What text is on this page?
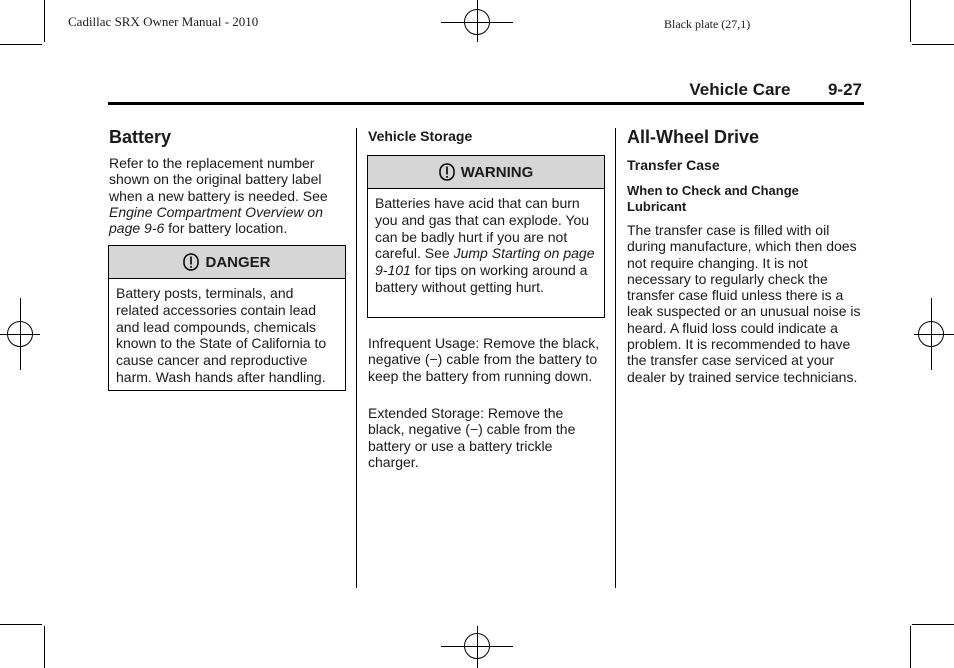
Cadillac SRX Owner Manual - 2010	Black plate (27,1)
Vehicle Care 9-27
Battery
Refer to the replacement number shown on the original battery label when a new battery is needed. See Engine Compartment Overview on page 9-6 for battery location.
DANGER
Battery posts, terminals, and related accessories contain lead and lead compounds, chemicals known to the State of California to cause cancer and reproductive harm. Wash hands after handling.
Vehicle Storage
WARNING
Batteries have acid that can burn you and gas that can explode. You can be badly hurt if you are not careful. See Jump Starting on page 9-101 for tips on working around a battery without getting hurt.
Infrequent Usage: Remove the black, negative (−) cable from the battery to keep the battery from running down.
Extended Storage: Remove the black, negative (−) cable from the battery or use a battery trickle charger.
All-Wheel Drive
Transfer Case
When to Check and Change Lubricant
The transfer case is filled with oil during manufacture, which then does not require changing. It is not necessary to regularly check the transfer case fluid unless there is a leak suspected or an unusual noise is heard. A fluid loss could indicate a problem. It is recommended to have the transfer case serviced at your dealer by trained service technicians.
